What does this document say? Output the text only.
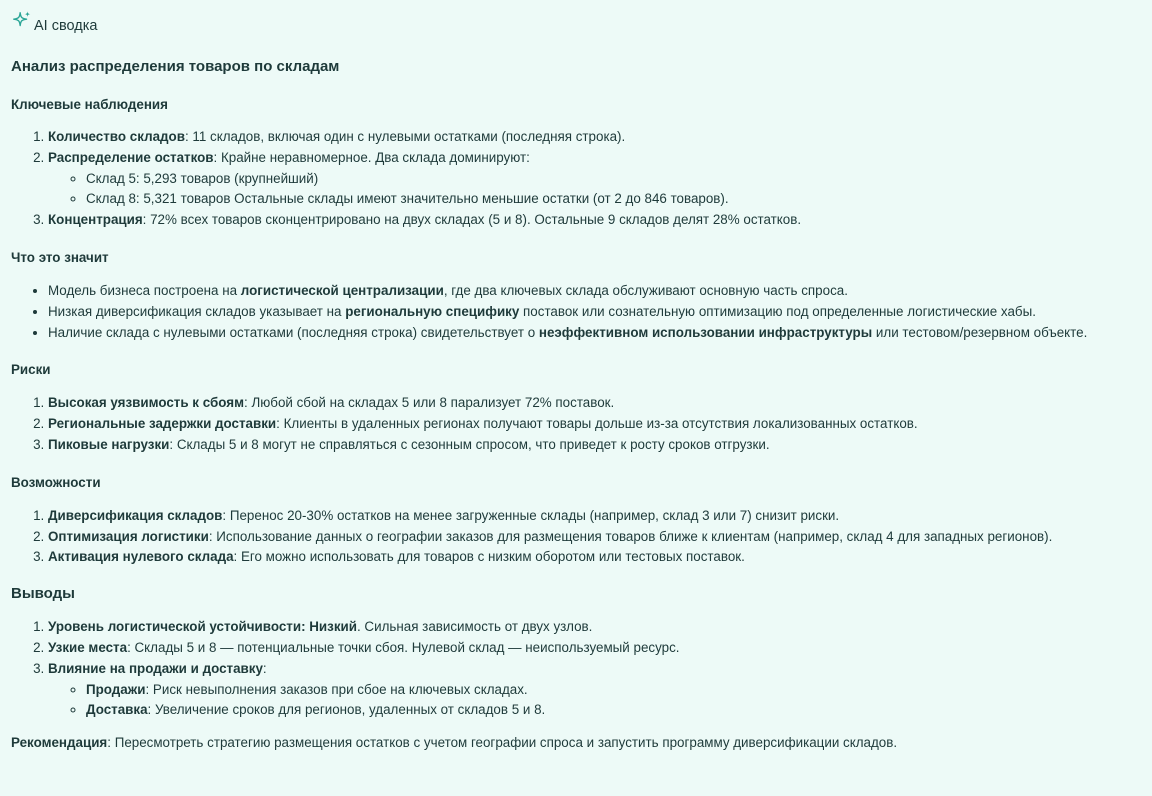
AI сводка
Анализ распределения товаров по складам
Ключевые наблюдения
1. Количество складов: 11 складов, включая один с нулевыми остатками (последняя строка).
2. Распределение остатков: Крайне неравномерное. Два склада доминируют:
◦ Склад 5: 5,293 товаров (крупнейший)
◦ Склад 8: 5,321 товаров Остальные склады имеют значительно меньшие остатки (от 2 до 846 товаров).
3. Концентрация: 72% всех товаров сконцентрировано на двух складах (5 и 8). Остальные 9 складов делят 28% остатков.
Что это значит
• Модель бизнеса построена на логистической централизации, где два ключевых склада обслуживают основную часть спроса.
• Низкая диверсификация складов указывает на региональную специфику поставок или сознательную оптимизацию под определенные логистические хабы.
• Наличие склада с нулевыми остатками (последняя строка) свидетельствует о неэффективном использовании инфраструктуры или тестовом/резервном объекте.
Риски
1. Высокая уязвимость к сбоям: Любой сбой на складах 5 или 8 парализует 72% поставок.
2. Региональные задержки доставки: Клиенты в удаленных регионах получают товары дольше из-за отсутствия локализованных остатков.
3. Пиковые нагрузки: Склады 5 и 8 могут не справляться с сезонным спросом, что приведет к росту сроков отгрузки.
Возможности
1. Диверсификация складов: Перенос 20-30% остатков на менее загруженные склады (например, склад 3 или 7) снизит риски.
2. Оптимизация логистики: Использование данных о географии заказов для размещения товаров ближе к клиентам (например, склад 4 для западных регионов).
3. Активация нулевого склада: Его можно использовать для товаров с низким оборотом или тестовых поставок.
Выводы
1. Уровень логистической устойчивости: Низкий. Сильная зависимость от двух узлов.
2. Узкие места: Склады 5 и 8 — потенциальные точки сбоя. Нулевой склад — неиспользуемый ресурс.
3. Влияние на продажи и доставку:
◦ Продажи: Риск невыполнения заказов при сбое на ключевых складах.
◦ Доставка: Увеличение сроков для регионов, удаленных от складов 5 и 8.

Рекомендация: Пересмотреть стратегию размещения остатков с учетом географии спроса и запустить программу диверсификации складов.
